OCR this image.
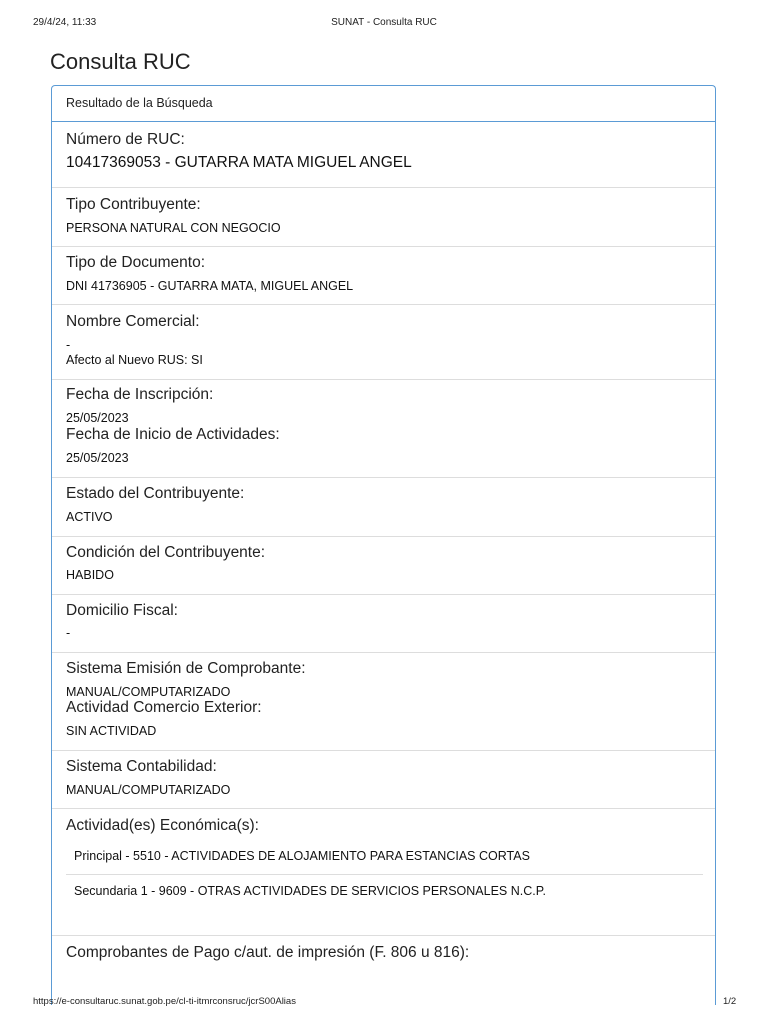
29/4/24, 11:33	SUNAT - Consulta RUC
Consulta RUC
Resultado de la Búsqueda
Número de RUC:
10417369053 - GUTARRA MATA MIGUEL ANGEL
Tipo Contribuyente:
PERSONA NATURAL CON NEGOCIO
Tipo de Documento:
DNI 41736905 - GUTARRA MATA, MIGUEL ANGEL
Nombre Comercial:
-
Afecto al Nuevo RUS: SI
Fecha de Inscripción:
25/05/2023
Fecha de Inicio de Actividades:
25/05/2023
Estado del Contribuyente:
ACTIVO
Condición del Contribuyente:
HABIDO
Domicilio Fiscal:
-
Sistema Emisión de Comprobante:
MANUAL/COMPUTARIZADO
Actividad Comercio Exterior:
SIN ACTIVIDAD
Sistema Contabilidad:
MANUAL/COMPUTARIZADO
Actividad(es) Económica(s):
Principal - 5510 - ACTIVIDADES DE ALOJAMIENTO PARA ESTANCIAS CORTAS
Secundaria 1 - 9609 - OTRAS ACTIVIDADES DE SERVICIOS PERSONALES N.C.P.
Comprobantes de Pago c/aut. de impresión (F. 806 u 816):
https://e-consultaruc.sunat.gob.pe/cl-ti-itmrconsruc/jcrS00Alias	1/2
